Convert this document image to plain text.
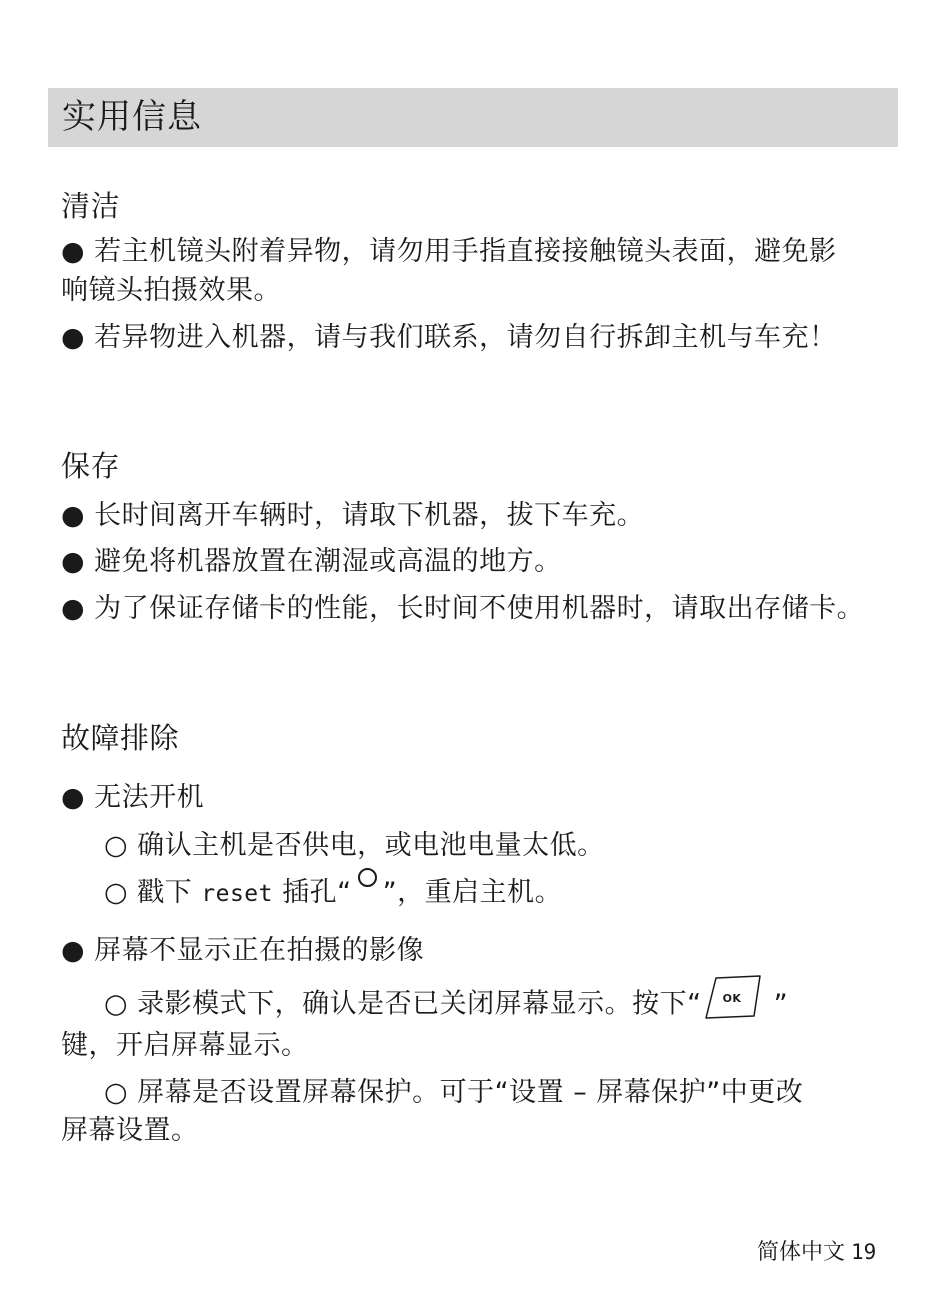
实用信息
清洁
● 若主机镜头附着异物，请勿用手指直接接触镜头表面，避免影
响镜头拍摄效果。
● 若异物进入机器，请与我们联系，请勿自行拆卸主机与车充！
保存
● 长时间离开车辆时，请取下机器，拔下车充。
● 避免将机器放置在潮湿或高温的地方。
● 为了保证存储卡的性能，长时间不使用机器时，请取出存储卡。
故障排除
● 无法开机
○ 确认主机是否供电，或电池电量太低。
○ 戳下 reset 插孔“ ”，重启主机。
● 屏幕不显示正在拍摄的影像
○ 录影模式下，确认是否已关闭屏幕显示。按下“ OK ”
键，开启屏幕显示。
○ 屏幕是否设置屏幕保护。可于“设置 – 屏幕保护”中更改
屏幕设置。
简体中文 19
